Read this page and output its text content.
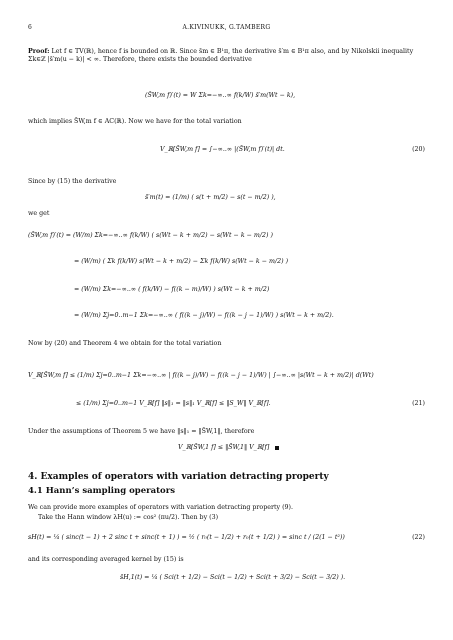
6	A.KIVINUKK, G.TAMBERG
Proof: Let f ∈ TV(ℝ), hence f is bounded on ℝ. Since s̄m ∈ B¹π, the derivative s̄′m ∈ B¹π also, and by Nikolskii inequality Σk∈ℤ |s̄′m(u − k)| < ∞. Therefore, there exists the bounded derivative
(S̄W,m f)′(t) = W Σk=−∞..∞ f(k/W) s̄′m(Wt − k),
which implies S̄W,m f ∈ AC(ℝ). Now we have for the total variation
V_ℝ[S̄W,m f] = ∫−∞..∞ |(S̄W,m f)′(t)| dt.	(20)
Since by (15) the derivative
s̄′m(t) = (1/m) ( s(t + m/2) − s(t − m/2) ),
we get
(S̄W,m f)′(t) = (W/m) Σk=−∞..∞ f(k/W) ( s(Wt − k + m/2) − s(Wt − k − m/2) )
= (W/m) ( Σk f(k/W) s(Wt − k + m/2) − Σk f(k/W) s(Wt − k − m/2) )
= (W/m) Σk=−∞..∞ ( f(k/W) − f((k − m)/W) ) s(Wt − k + m/2)
= (W/m) Σj=0..m−1 Σk=−∞..∞ ( f((k − j)/W) − f((k − j − 1)/W) ) s(Wt − k + m/2).
Now by (20) and Theorem 4 we obtain for the total variation
V_ℝ[S̄W,m f] ≤ (1/m) Σj=0..m−1 Σk=−∞..∞ | f((k − j)/W) − f((k − j − 1)/W) | ∫−∞..∞ |s(Wt − k + m/2)| d(Wt)
≤ (1/m) Σj=0..m−1 V_ℝ[f] ‖s‖₁ = ‖s‖₁ V_ℝ[f] ≤ ‖S_W‖ V_ℝ[f].	(21)
Under the assumptions of Theorem 5 we have ‖s‖₁ = ‖S̄W,1‖, therefore
V_ℝ[S̄W,1 f] ≤ ‖S̄W,1‖ V_ℝ[f]
4. Examples of operators with variation detracting property
4.1 Hann’s sampling operators
We can provide more examples of operators with variation detracting property (9).
Take the Hann window λH(u) := cos² (πu/2). Then by (3)
sH(t) = ¼ ( sinc(t − 1) + 2 sinc t + sinc(t + 1) ) = ½ ( r₀(t − 1/2) + r₀(t + 1/2) ) = sinc t / (2(1 − t²))	(22)
and its corresponding averaged kernel by (15) is
s̄H,1(t) = ¼ ( Sci(t + 1/2) − Sci(t − 1/2) + Sci(t + 3/2) − Sci(t − 3/2) ).
